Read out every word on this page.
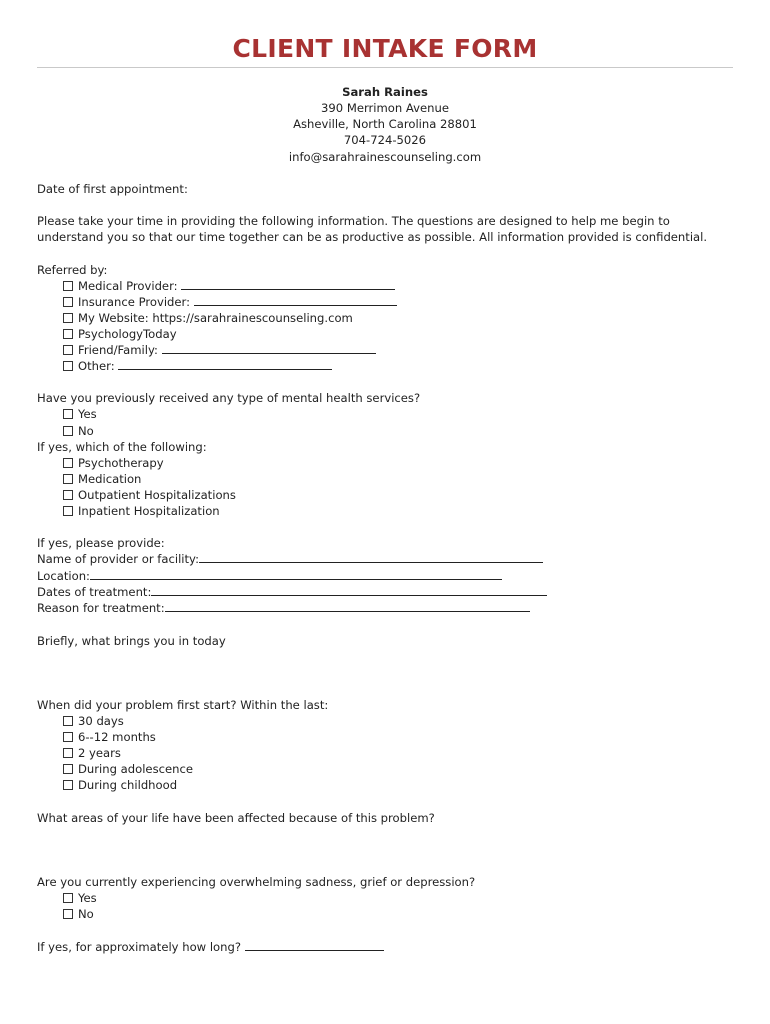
CLIENT INTAKE FORM
Sarah Raines
390 Merrimon Avenue
Asheville, North Carolina 28801
704-724-5026
info@sarahrainescounseling.com
Date of first appointment:
Please take your time in providing the following information. The questions are designed to help me begin to
understand you so that our time together can be as productive as possible. All information provided is confidential.
Referred by:
Medical Provider:
Insurance Provider:
My Website: https://sarahrainescounseling.com
PsychologyToday
Friend/Family:
Other:
Have you previously received any type of mental health services?
Yes
No
If yes, which of the following:
Psychotherapy
Medication
Outpatient Hospitalizations
Inpatient Hospitalization
If yes, please provide:
Name of provider or facility:
Location:
Dates of treatment:
Reason for treatment:
Briefly, what brings you in today
When did your problem first start? Within the last:
30 days
6--12 months
2 years
During adolescence
During childhood
What areas of your life have been affected because of this problem?
Are you currently experiencing overwhelming sadness, grief or depression?
Yes
No
If yes, for approximately how long?
